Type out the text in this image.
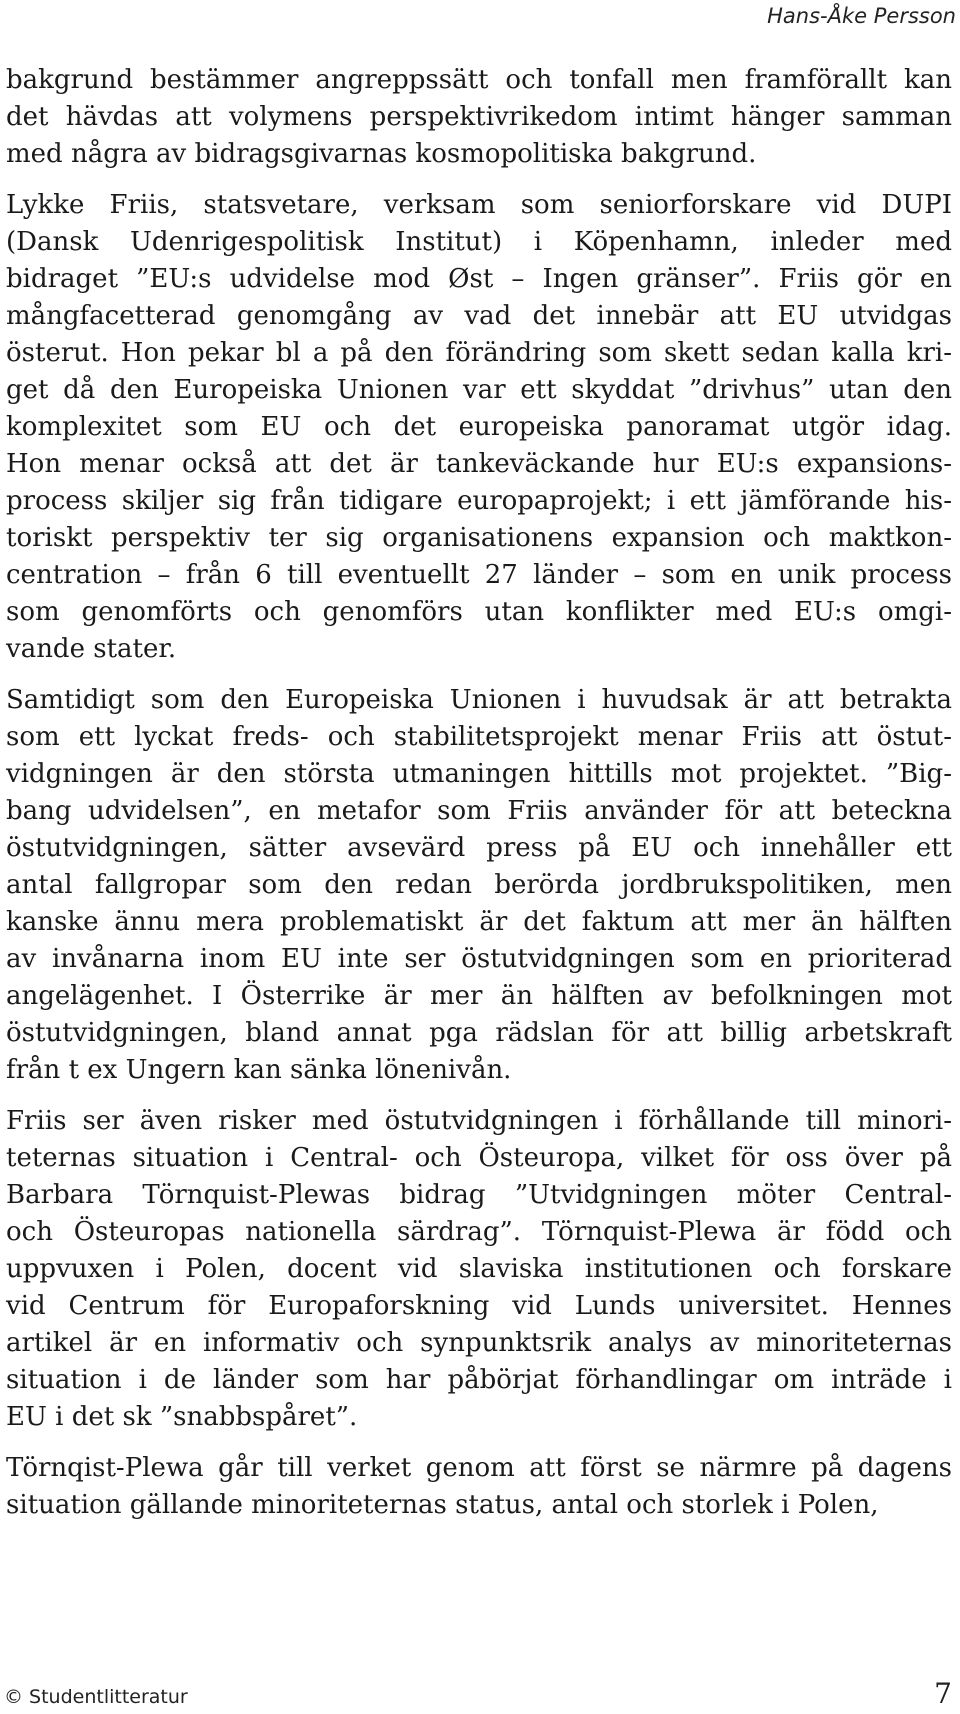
Hans-Åke Persson

bakgrund bestämmer angreppssätt och tonfall men framförallt kan
det hävdas att volymens perspektivrikedom intimt hänger samman
med några av bidragsgivarnas kosmopolitiska bakgrund.

Lykke Friis, statsvetare, verksam som seniorforskare vid DUPI
(Dansk Udenrigespolitisk Institut) i Köpenhamn, inleder med
bidraget ”EU:s udvidelse mod Øst – Ingen gränser”. Friis gör en
mångfacetterad genomgång av vad det innebär att EU utvidgas
österut. Hon pekar bl a på den förändring som skett sedan kalla kri-
get då den Europeiska Unionen var ett skyddat ”drivhus” utan den
komplexitet som EU och det europeiska panoramat utgör idag.
Hon menar också att det är tankeväckande hur EU:s expansions-
process skiljer sig från tidigare europaprojekt; i ett jämförande his-
toriskt perspektiv ter sig organisationens expansion och maktkon-
centration – från 6 till eventuellt 27 länder – som en unik process
som genomförts och genomförs utan konflikter med EU:s omgi-
vande stater.

Samtidigt som den Europeiska Unionen i huvudsak är att betrakta
som ett lyckat freds- och stabilitetsprojekt menar Friis att östut-
vidgningen är den största utmaningen hittills mot projektet. ”Big-
bang udvidelsen”, en metafor som Friis använder för att beteckna
östutvidgningen, sätter avsevärd press på EU och innehåller ett
antal fallgropar som den redan berörda jordbrukspolitiken, men
kanske ännu mera problematiskt är det faktum att mer än hälften
av invånarna inom EU inte ser östutvidgningen som en prioriterad
angelägenhet. I Österrike är mer än hälften av befolkningen mot
östutvidgningen, bland annat pga rädslan för att billig arbetskraft
från t ex Ungern kan sänka lönenivån.

Friis ser även risker med östutvidgningen i förhållande till minori-
teternas situation i Central- och Östeuropa, vilket för oss över på
Barbara Törnquist-Plewas bidrag ”Utvidgningen möter Central-
och Östeuropas nationella särdrag”. Törnquist-Plewa är född och
uppvuxen i Polen, docent vid slaviska institutionen och forskare
vid Centrum för Europaforskning vid Lunds universitet. Hennes
artikel är en informativ och synpunktsrik analys av minoriteternas
situation i de länder som har påbörjat förhandlingar om inträde i
EU i det sk ”snabbspåret”.

Törnqist-Plewa går till verket genom att först se närmre på dagens
situation gällande minoriteternas status, antal och storlek i Polen,

© Studentlitteratur	7
